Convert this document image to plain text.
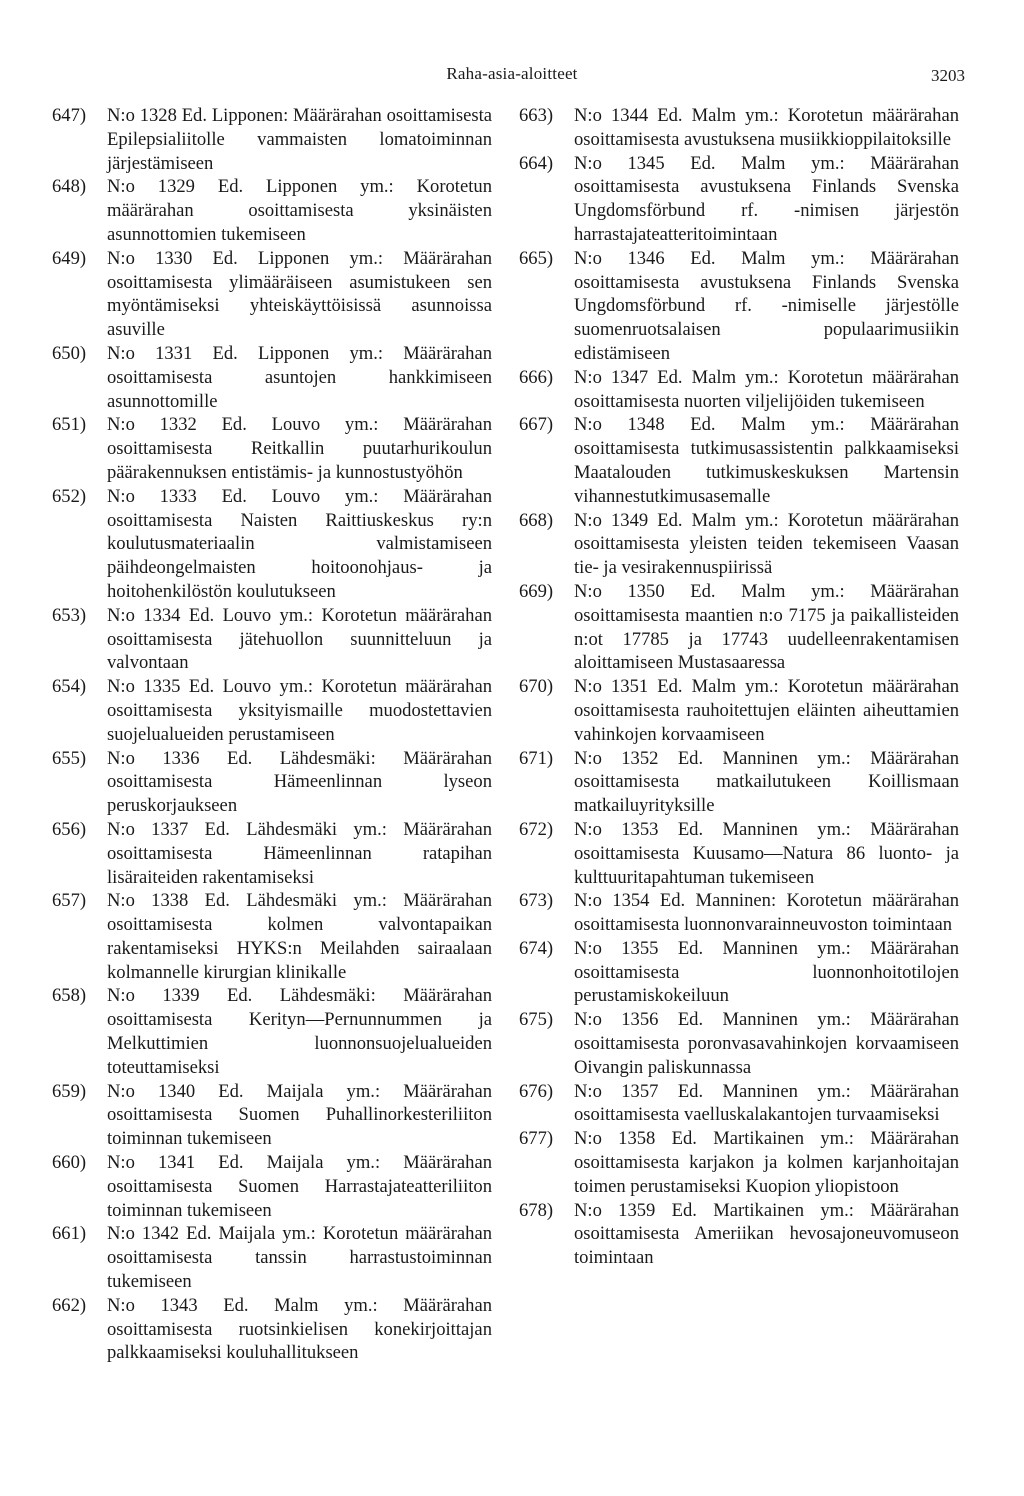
Raha-asia-aloitteet	3203
647) N:o 1328 Ed. Lipponen: Määrärahan osoittamisesta Epilepsialiitolle vammaisten lomatoiminnan järjestämiseen
648) N:o 1329 Ed. Lipponen ym.: Korotetun määrärahan osoittamisesta yksinäisten asunnottomien tukemiseen
649) N:o 1330 Ed. Lipponen ym.: Määrärahan osoittamisesta ylimääräiseen asumistukeen sen myöntämiseksi yhteiskäyttöisissä asunnoissa asuville
650) N:o 1331 Ed. Lipponen ym.: Määrärahan osoittamisesta asuntojen hankkimiseen asunnottomille
651) N:o 1332 Ed. Louvo ym.: Määrärahan osoittamisesta Reitkallin puutarhurikoulun päärakennuksen entistämis- ja kunnostustyöhön
652) N:o 1333 Ed. Louvo ym.: Määrärahan osoittamisesta Naisten Raittiuskeskus ry:n koulutusmateriaalin valmistamiseen päihdeongelmaisten hoitoonohjaus- ja hoitohenkilöstön koulutukseen
653) N:o 1334 Ed. Louvo ym.: Korotetun määrärahan osoittamisesta jätehuollon suunnitteluun ja valvontaan
654) N:o 1335 Ed. Louvo ym.: Korotetun määrärahan osoittamisesta yksityismaille muodostettavien suojelualueiden perustamiseen
655) N:o 1336 Ed. Lähdesmäki: Määrärahan osoittamisesta Hämeenlinnan lyseon peruskorjaukseen
656) N:o 1337 Ed. Lähdesmäki ym.: Määrärahan osoittamisesta Hämeenlinnan ratapihan lisäraiteiden rakentamiseksi
657) N:o 1338 Ed. Lähdesmäki ym.: Määrärahan osoittamisesta kolmen valvontapaikan rakentamiseksi HYKS:n Meilahden sairaalaan kolmannelle kirurgian klinikalle
658) N:o 1339 Ed. Lähdesmäki: Määrärahan osoittamisesta Kerityn—Pernunnummen ja Melkuttimien luonnonsuojelualueiden toteuttamiseksi
659) N:o 1340 Ed. Maijala ym.: Määrärahan osoittamisesta Suomen Puhallinorkesteriliiton toiminnan tukemiseen
660) N:o 1341 Ed. Maijala ym.: Määrärahan osoittamisesta Suomen Harrastajateatteriliiton toiminnan tukemiseen
661) N:o 1342 Ed. Maijala ym.: Korotetun määrärahan osoittamisesta tanssin harrastustoiminnan tukemiseen
662) N:o 1343 Ed. Malm ym.: Määrärahan osoittamisesta ruotsinkielisen konekirjoittajan palkkaamiseksi kouluhallitukseen
663) N:o 1344 Ed. Malm ym.: Korotetun määrärahan osoittamisesta avustuksena musiikkioppilaitoksille
664) N:o 1345 Ed. Malm ym.: Määrärahan osoittamisesta avustuksena Finlands Svenska Ungdomsförbund rf. -nimisen järjestön harrastajateatteritoimintaan
665) N:o 1346 Ed. Malm ym.: Määrärahan osoittamisesta avustuksena Finlands Svenska Ungdomsförbund rf. -nimiselle järjestölle suomenruotsalaisen populaarimusiikin edistämiseen
666) N:o 1347 Ed. Malm ym.: Korotetun määrärahan osoittamisesta nuorten viljelijöiden tukemiseen
667) N:o 1348 Ed. Malm ym.: Määrärahan osoittamisesta tutkimusassistentin palkkaamiseksi Maatalouden tutkimuskeskuksen Martensin vihannestutkimusasemalle
668) N:o 1349 Ed. Malm ym.: Korotetun määrärahan osoittamisesta yleisten teiden tekemiseen Vaasan tie- ja vesirakennuspiirissä
669) N:o 1350 Ed. Malm ym.: Määrärahan osoittamisesta maantien n:o 7175 ja paikallisteiden n:ot 17785 ja 17743 uudelleenrakentamisen aloittamiseen Mustasaaressa
670) N:o 1351 Ed. Malm ym.: Korotetun määrärahan osoittamisesta rauhoitettujen eläinten aiheuttamien vahinkojen korvaamiseen
671) N:o 1352 Ed. Manninen ym.: Määrärahan osoittamisesta matkailutukeen Koillismaan matkailuyrityksille
672) N:o 1353 Ed. Manninen ym.: Määrärahan osoittamisesta Kuusamo—Natura 86 luonto- ja kulttuuritapahtuman tukemiseen
673) N:o 1354 Ed. Manninen: Korotetun määrärahan osoittamisesta luonnonvarainneuvoston toimintaan
674) N:o 1355 Ed. Manninen ym.: Määrärahan osoittamisesta luonnonhoitotilojen perustamiskokeiluun
675) N:o 1356 Ed. Manninen ym.: Määrärahan osoittamisesta poronvasavahinkojen korvaamiseen Oivangin paliskunnassa
676) N:o 1357 Ed. Manninen ym.: Määrärahan osoittamisesta vaelluskalakantojen turvaamiseksi
677) N:o 1358 Ed. Martikainen ym.: Määrärahan osoittamisesta karjakon ja kolmen karjanhoitajan toimen perustamiseksi Kuopion yliopistoon
678) N:o 1359 Ed. Martikainen ym.: Määrärahan osoittamisesta Ameriikan hevosajoneuvomuseon toimintaan
